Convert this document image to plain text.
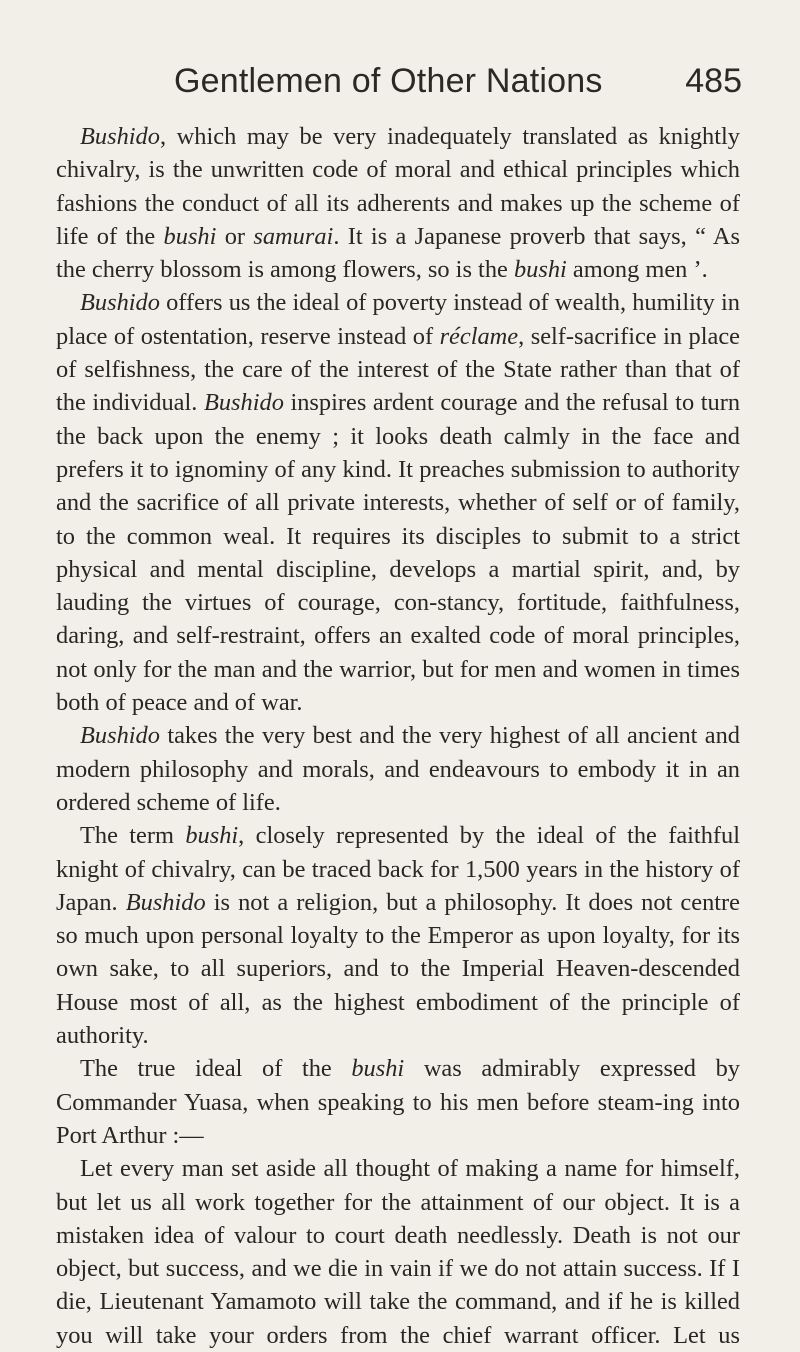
Gentlemen of Other Nations 485

Bushido, which may be very inadequately translated as knightly chivalry, is the unwritten code of moral and ethical principles which fashions the conduct of all its adherents and makes up the scheme of life of the bushi or samurai. It is a Japanese proverb that says, “ As the cherry blossom is among flowers, so is the bushi among men ’.

Bushido offers us the ideal of poverty instead of wealth, humility in place of ostentation, reserve instead of réclame, self-sacrifice in place of selfishness, the care of the interest of the State rather than that of the individual. Bushido inspires ardent courage and the refusal to turn the back upon the enemy ; it looks death calmly in the face and prefers it to ignominy of any kind. It preaches submission to authority and the sacrifice of all private interests, whether of self or of family, to the common weal. It requires its disciples to submit to a strict physical and mental discipline, develops a martial spirit, and, by lauding the virtues of courage, con-stancy, fortitude, faithfulness, daring, and self-restraint, offers an exalted code of moral principles, not only for the man and the warrior, but for men and women in times both of peace and of war.

Bushido takes the very best and the very highest of all ancient and modern philosophy and morals, and endeavours to embody it in an ordered scheme of life.

The term bushi, closely represented by the ideal of the faithful knight of chivalry, can be traced back for 1,500 years in the history of Japan. Bushido is not a religion, but a philosophy. It does not centre so much upon personal loyalty to the Emperor as upon loyalty, for its own sake, to all superiors, and to the Imperial Heaven-descended House most of all, as the highest embodiment of the principle of authority.

The true ideal of the bushi was admirably expressed by Commander Yuasa, when speaking to his men before steam-ing into Port Arthur :—

Let every man set aside all thought of making a name for himself, but let us all work together for the attainment of our object. It is a mistaken idea of valour to court death needlessly. Death is not our object, but success, and we die in vain if we do not attain success. If I die, Lieutenant Yamamoto will take the command, and if he is killed you will take your orders from the chief warrant officer. Let us
